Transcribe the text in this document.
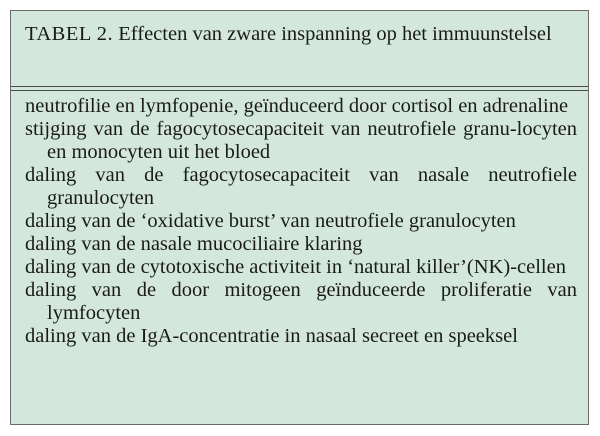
TABEL 2. Effecten van zware inspanning op het immuunstelsel
neutrofilie en lymfopenie, geïnduceerd door cortisol en adrenaline
stijging van de fagocytosecapaciteit van neutrofiele granu-locyten en monocyten uit het bloed
daling van de fagocytosecapaciteit van nasale neutrofiele granulocyten
daling van de ‘oxidative burst’ van neutrofiele granulocyten
daling van de nasale mucociliaire klaring
daling van de cytotoxische activiteit in ‘natural killer’(NK)-cellen
daling van de door mitogeen geïnduceerde proliferatie van lymfocyten
daling van de IgA-concentratie in nasaal secreet en speeksel
